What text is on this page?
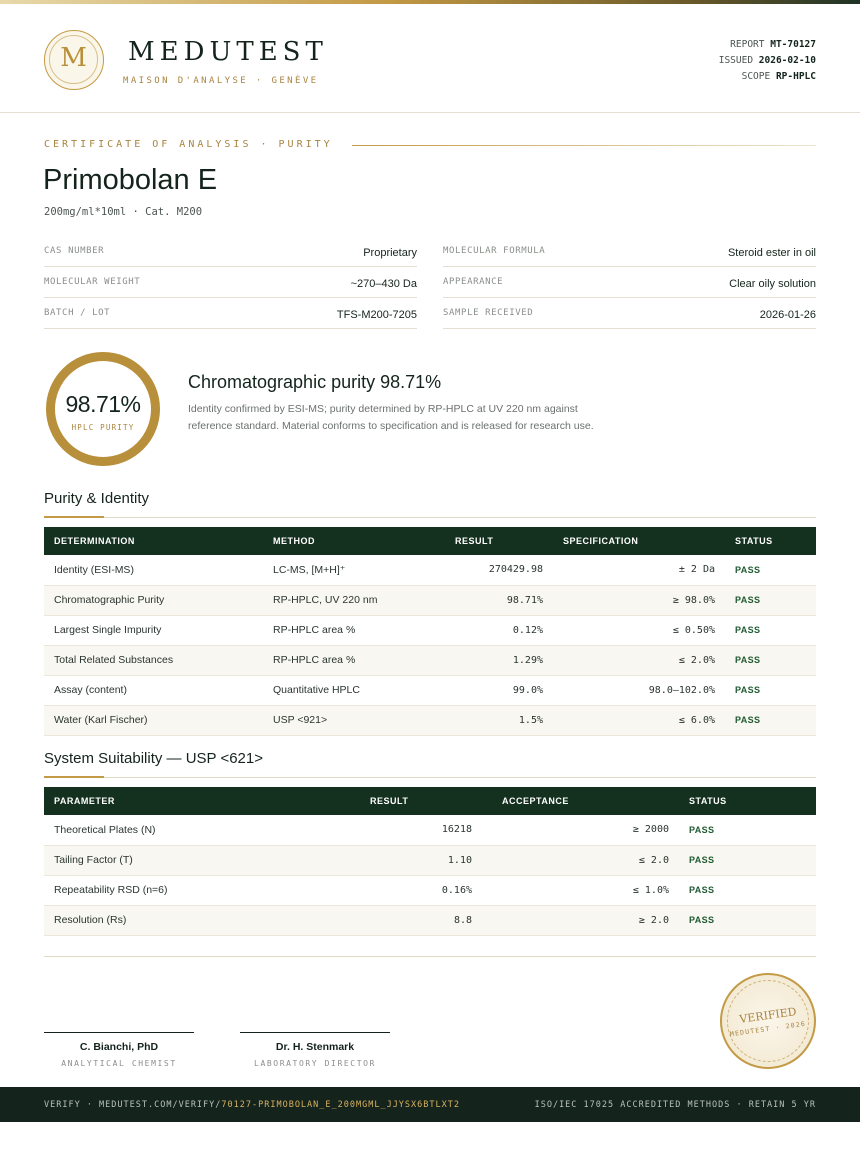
M	MEDUTEST
MAISON D'ANALYSE · GENÈVE
REPORT MT-70127
ISSUED 2026-02-10
SCOPE RP-HPLC
CERTIFICATE OF ANALYSIS · PURITY
Primobolan E
200mg/ml*10ml · Cat. M200
CAS NUMBER	Proprietary
MOLECULAR WEIGHT	~270–430 Da
BATCH / LOT	TFS-M200-7205
MOLECULAR FORMULA	Steroid ester in oil
APPEARANCE	Clear oily solution
SAMPLE RECEIVED	2026-01-26
98.71%
HPLC PURITY
Chromatographic purity 98.71%
Identity confirmed by ESI-MS; purity determined by RP-HPLC at UV 220 nm against reference standard. Material conforms to specification and is released for research use.
Purity & Identity
DETERMINATION	METHOD	RESULT	SPECIFICATION	STATUS
Identity (ESI-MS)	LC-MS, [M+H]⁺	270429.98	± 2 Da	PASS
Chromatographic Purity	RP-HPLC, UV 220 nm	98.71%	≥ 98.0%	PASS
Largest Single Impurity	RP-HPLC area %	0.12%	≤ 0.50%	PASS
Total Related Substances	RP-HPLC area %	1.29%	≤ 2.0%	PASS
Assay (content)	Quantitative HPLC	99.0%	98.0–102.0%	PASS
Water (Karl Fischer)	USP <921>	1.5%	≤ 6.0%	PASS
System Suitability — USP <621>
PARAMETER	RESULT	ACCEPTANCE	STATUS
Theoretical Plates (N)	16218	≥ 2000	PASS
Tailing Factor (T)	1.10	≤ 2.0	PASS
Repeatability RSD (n=6)	0.16%	≤ 1.0%	PASS
Resolution (Rs)	8.8	≥ 2.0	PASS
C. Bianchi, PhD
ANALYTICAL CHEMIST
Dr. H. Stenmark
LABORATORY DIRECTOR
VERIFIED
MEDUTEST · 2026
VERIFY · MEDUTEST.COM/VERIFY/70127-PRIMOBOLAN_E_200MGML_JJYSX6BTLXT2	ISO/IEC 17025 ACCREDITED METHODS · RETAIN 5 YR
